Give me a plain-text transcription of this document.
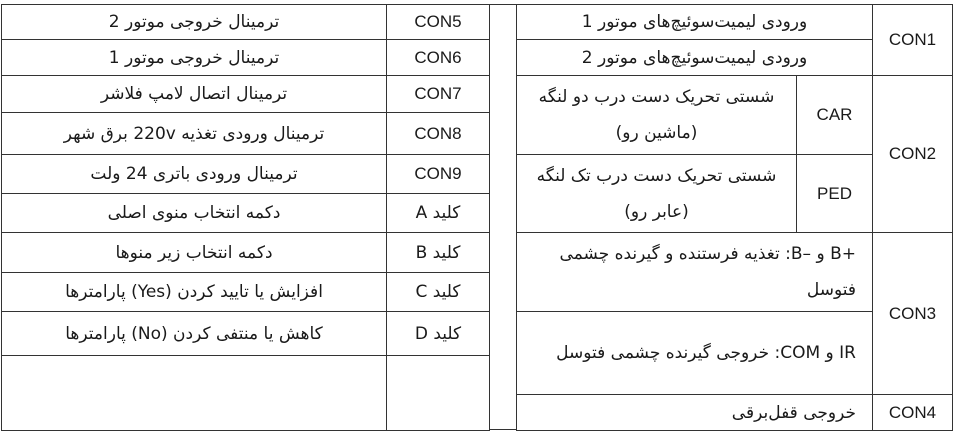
ترمینال خروجی موتور 2	CON5
ترمینال خروجی موتور 1	CON6
ترمینال اتصال لامپ فلاشر	CON7
ترمینال ورودی تغذیه 220v برق شهر	CON8
ترمینال ورودی باتری 24 ولت	CON9
دکمه انتخاب منوی اصلی	کلید A
دکمه انتخاب زیر منوها	کلید B
افزایش یا تایید کردن (Yes) پارامترها	کلید C
کاهش یا منتفی کردن (No) پارامترها	کلید D

ورودی لیمیت‌سوئیچ‌های موتور 1		CON1
ورودی لیمیت‌سوئیچ‌های موتور 2		
شستی تحریک دست درب دو لنگه (ماشین رو)	CAR	CON2
شستی تحریک دست درب تک لنگه (عابر رو)	PED	
+B و –B: تغذیه فرستنده و گیرنده چشمی فتوسل		CON3
IR و COM: خروجی گیرنده چشمی فتوسل		
خروجی قفل‌برقی		CON4
